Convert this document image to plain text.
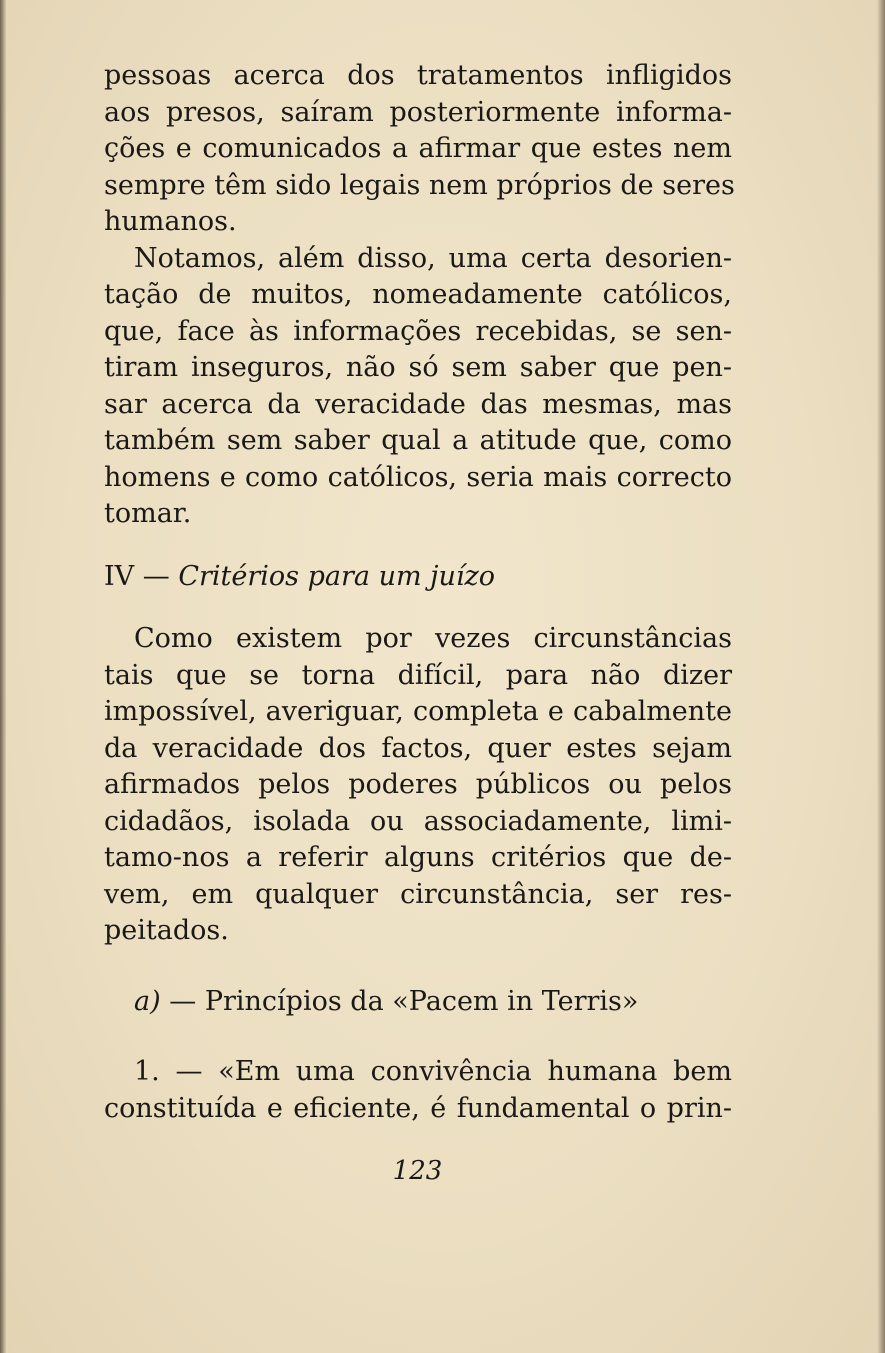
pessoas acerca dos tratamentos infligidos
aos presos, saíram posteriormente informa-
ções e comunicados a afirmar que estes nem
sempre têm sido legais nem próprios de seres
humanos.
Notamos, além disso, uma certa desorien-
tação de muitos, nomeadamente católicos,
que, face às informações recebidas, se sen-
tiram inseguros, não só sem saber que pen-
sar acerca da veracidade das mesmas, mas
também sem saber qual a atitude que, como
homens e como católicos, seria mais correcto
tomar.
IV — Critérios para um juízo
Como existem por vezes circunstâncias
tais que se torna difícil, para não dizer
impossível, averiguar, completa e cabalmente
da veracidade dos factos, quer estes sejam
afirmados pelos poderes públicos ou pelos
cidadãos, isolada ou associadamente, limi-
tamo-nos a referir alguns critérios que de-
vem, em qualquer circunstância, ser res-
peitados.
a) — Princípios da «Pacem in Terris»
1. — «Em uma convivência humana bem
constituída e eficiente, é fundamental o prin-
123
